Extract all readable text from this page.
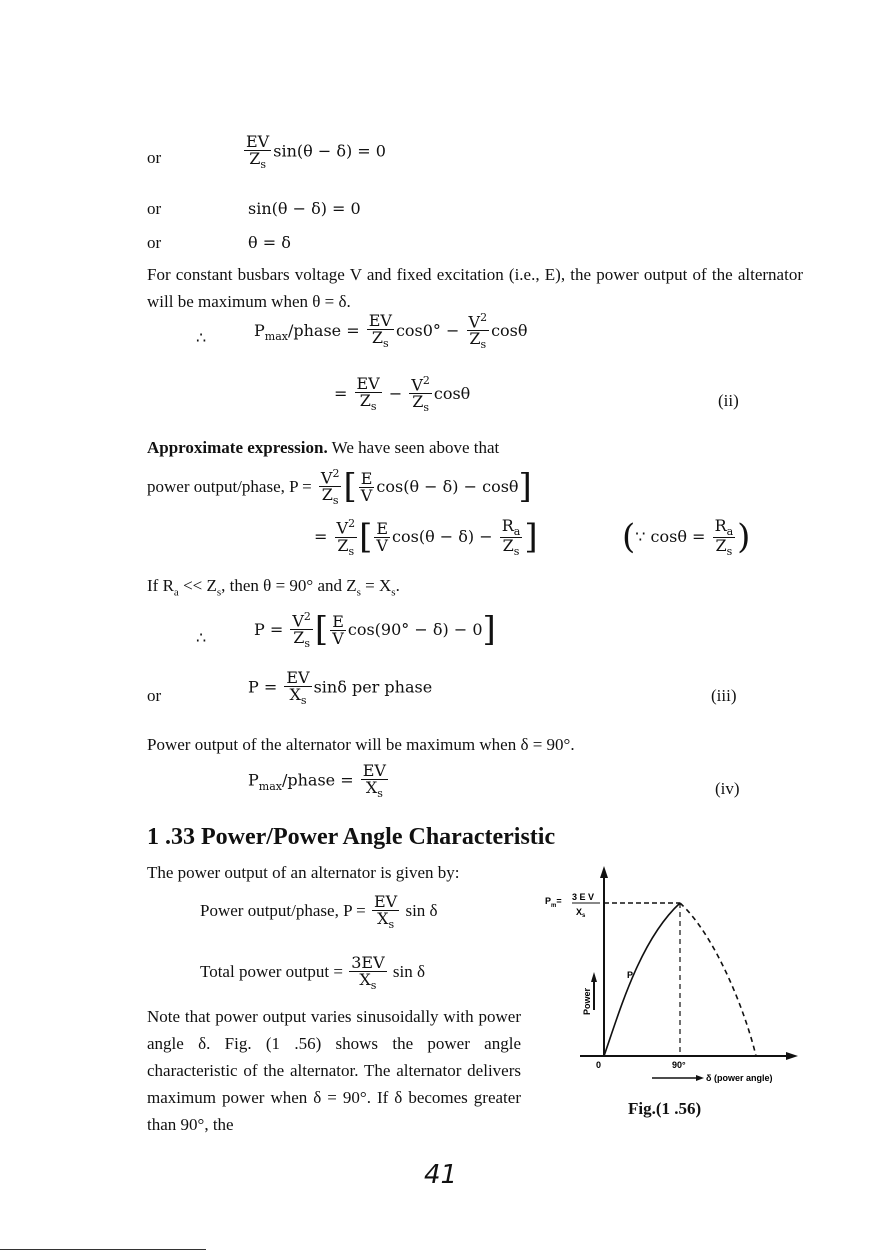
or	$\frac{EV}{Z_s} \sin(\theta - \delta) = 0$
or	sin(θ − δ) = 0
or	θ = δ
For constant busbars voltage V and fixed excitation (i.e., E), the power output of the alternator will be maximum when θ = δ.
∴	$P_{max}$/phase = $\frac{EV}{Z_s} \cos 0^\circ - \frac{V^2}{Z_s}$ cosθ
= $\frac{EV}{Z_s} - \frac{V^2}{Z_s}$ cosθ	(ii)
Approximate expression. We have seen above that
power output/phase, $P = \frac{V^2}{Z_s}$ [ $\frac{E}{V} \cos(\theta - \delta) - \cos\theta$]
= $\frac{V^2}{Z_s}$ [ $\frac{E}{V} \cos(\theta - \delta) - \frac{R_a}{Z_s}$ ] (∵ $\cos\theta = \frac{R_a}{Z_s}$ )
If $R_a << Z_s$, then θ = 90° and $Z_s = X_s$.
∴	$P = \frac{V^2}{Z_s}$ [ $\frac{E}{V} \cos(90^\circ - \delta) - 0$]
or	$P = \frac{EV}{X_s}$ sinδ per phase	(iii)
Power output of the alternator will be maximum when δ = 90°.
$P_{max}$/phase = $\frac{EV}{X_s}$	(iv)
1 .33 Power/Power Angle Characteristic
The power output of an alternator is given by:
Power output/phase, $P = \frac{EV}{X_s}$ sin δ
Total power output = $\frac{3EV}{X_s}$ sin δ
Note that power output varies sinusoidally with power angle δ. Fig. (1 .56) shows the power angle characteristic of the alternator. The alternator delivers maximum power when δ = 90°. If δ becomes greater than 90°, the
$P_m= 3$ E V
$X_s$
Power
P
0	90°
δ (power angle)
Fig.(1 .56)
41
